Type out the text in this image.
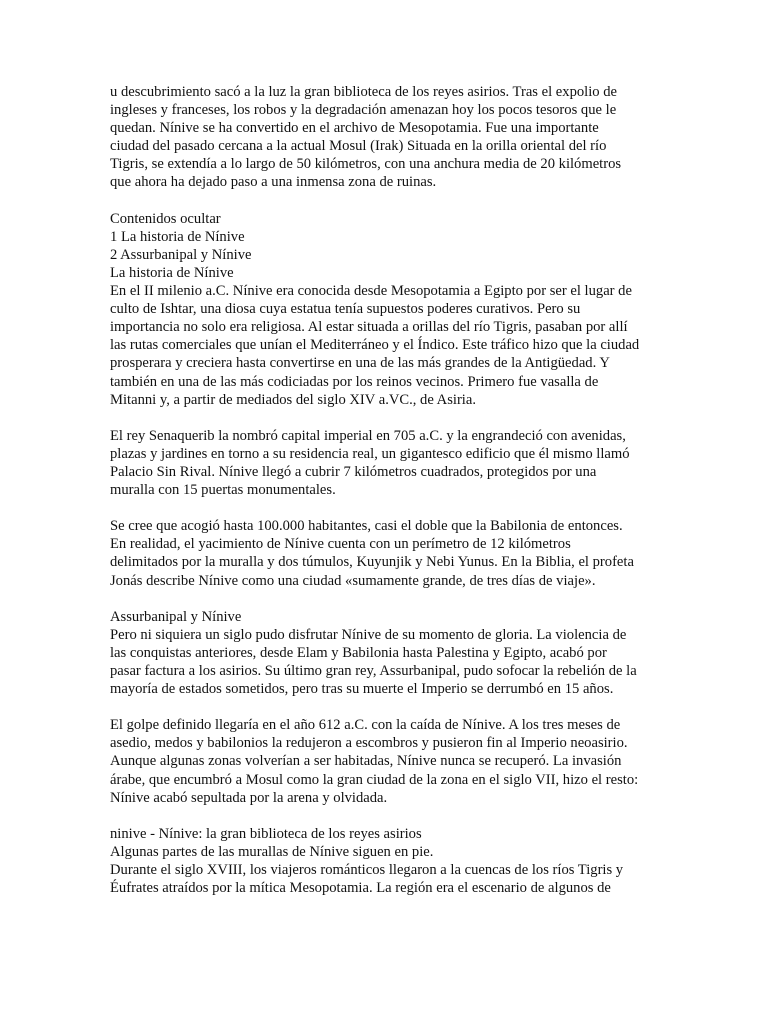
u descubrimiento sacó a la luz la gran biblioteca de los reyes asirios. Tras el expolio de ingleses y franceses, los robos y la degradación amenazan hoy los pocos tesoros que le quedan. Nínive se ha convertido en el archivo de Mesopotamia. Fue una importante ciudad del pasado cercana a la actual Mosul (Irak) Situada en la orilla oriental del río Tigris, se extendía a lo largo de 50 kilómetros, con una anchura media de 20 kilómetros que ahora ha dejado paso a una inmensa zona de ruinas.

Contenidos ocultar
1 La historia de Nínive
2 Assurbanipal y Nínive
La historia de Nínive

En el II milenio a.C. Nínive era conocida desde Mesopotamia a Egipto por ser el lugar de culto de Ishtar, una diosa cuya estatua tenía supuestos poderes curativos. Pero su importancia no solo era religiosa. Al estar situada a orillas del río Tigris, pasaban por allí las rutas comerciales que unían el Mediterráneo y el Índico. Este tráfico hizo que la ciudad prosperara y creciera hasta convertirse en una de las más grandes de la Antigüedad. Y también en una de las más codiciadas por los reinos vecinos. Primero fue vasalla de Mitanni y, a partir de mediados del siglo XIV a.VC., de Asiria.

El rey Senaquerib la nombró capital imperial en 705 a.C. y la engrandeció con avenidas, plazas y jardines en torno a su residencia real, un gigantesco edificio que él mismo llamó Palacio Sin Rival. Nínive llegó a cubrir 7 kilómetros cuadrados, protegidos por una muralla con 15 puertas monumentales.

Se cree que acogió hasta 100.000 habitantes, casi el doble que la Babilonia de entonces. En realidad, el yacimiento de Nínive cuenta con un perímetro de 12 kilómetros delimitados por la muralla y dos túmulos, Kuyunjik y Nebi Yunus. En la Biblia, el profeta Jonás describe Nínive como una ciudad «sumamente grande, de tres días de viaje».

Assurbanipal y Nínive

Pero ni siquiera un siglo pudo disfrutar Nínive de su momento de gloria. La violencia de las conquistas anteriores, desde Elam y Babilonia hasta Palestina y Egipto, acabó por pasar factura a los asirios. Su último gran rey, Assurbanipal, pudo sofocar la rebelión de la mayoría de estados sometidos, pero tras su muerte el Imperio se derrumbó en 15 años.

El golpe definido llegaría en el año 612 a.C. con la caída de Nínive. A los tres meses de asedio, medos y babilonios la redujeron a escombros y pusieron fin al Imperio neoasirio. Aunque algunas zonas volverían a ser habitadas, Nínive nunca se recuperó. La invasión árabe, que encumbró a Mosul como la gran ciudad de la zona en el siglo VII, hizo el resto: Nínive acabó sepultada por la arena y olvidada.

ninive - Nínive: la gran biblioteca de los reyes asirios
Algunas partes de las murallas de Nínive siguen en pie.
Durante el siglo XVIII, los viajeros románticos llegaron a la cuencas de los ríos Tigris y Éufrates atraídos por la mítica Mesopotamia. La región era el escenario de algunos de
